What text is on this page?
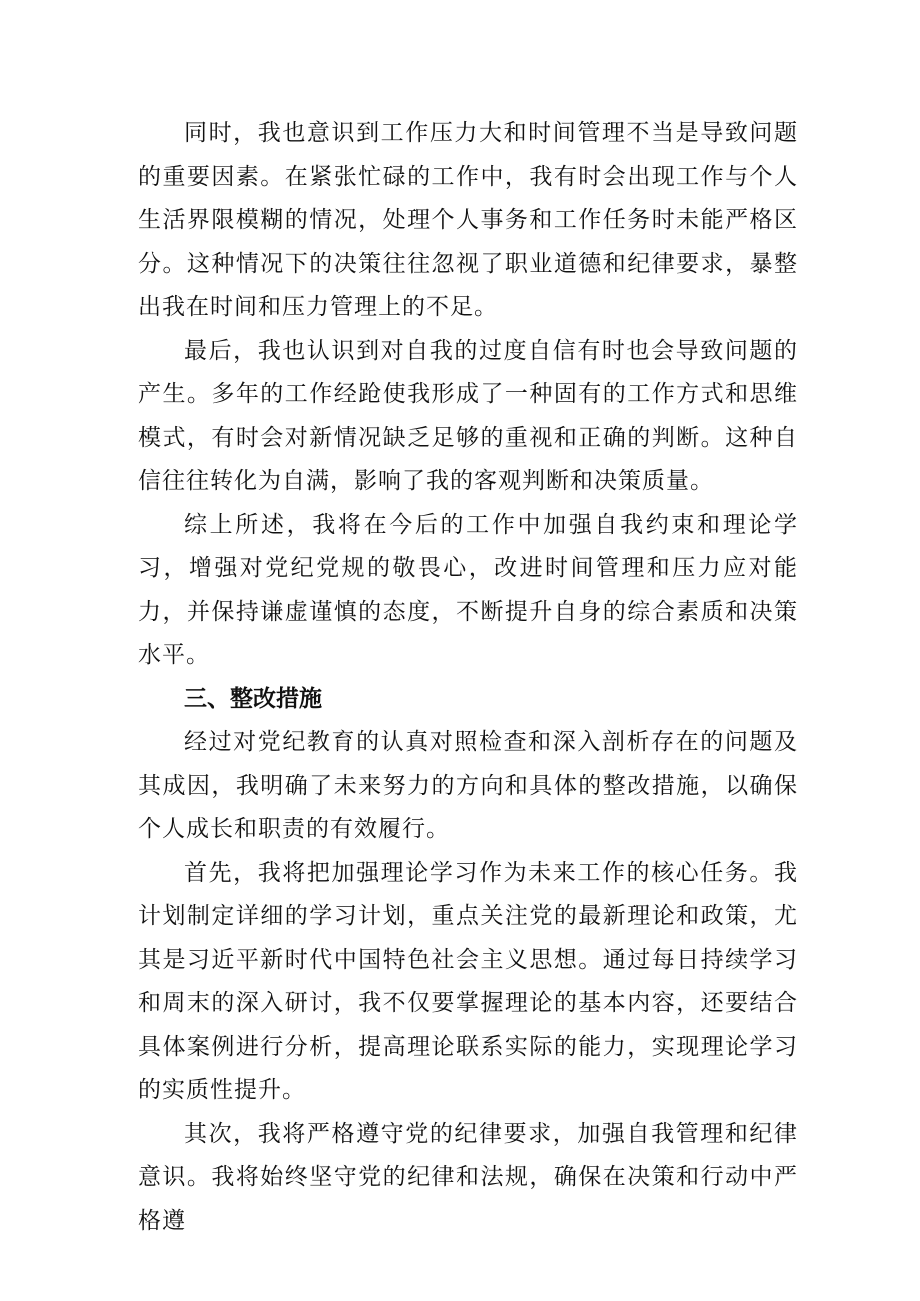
同时，我也意识到工作压力大和时间管理不当是导致问题的重要因素。在紧张忙碌的工作中，我有时会出现工作与个人生活界限模糊的情况，处理个人事务和工作任务时未能严格区分。这种情况下的决策往往忽视了职业道德和纪律要求，暴整出我在时间和压力管理上的不足。

最后，我也认识到对自我的过度自信有时也会导致问题的产生。多年的工作经跄使我形成了一种固有的工作方式和思维模式，有时会对新情况缺乏足够的重视和正确的判断。这种自信往往转化为自满，影响了我的客观判断和决策质量。

综上所述，我将在今后的工作中加强自我约束和理论学习，增强对党纪党规的敬畏心，改进时间管理和压力应对能力，并保持谦虚谨慎的态度，不断提升自身的综合素质和决策水平。

三、整改措施

经过对党纪教育的认真对照检查和深入剖析存在的问题及其成因，我明确了未来努力的方向和具体的整改措施，以确保个人成长和职责的有效履行。

首先，我将把加强理论学习作为未来工作的核心任务。我计划制定详细的学习计划，重点关注党的最新理论和政策，尤其是习近平新时代中国特色社会主义思想。通过每日持续学习和周末的深入研讨，我不仅要掌握理论的基本内容，还要结合具体案例进行分析，提高理论联系实际的能力，实现理论学习的实质性提升。

其次，我将严格遵守党的纪律要求，加强自我管理和纪律意识。我将始终坚守党的纪律和法规，确保在决策和行动中严格遵
